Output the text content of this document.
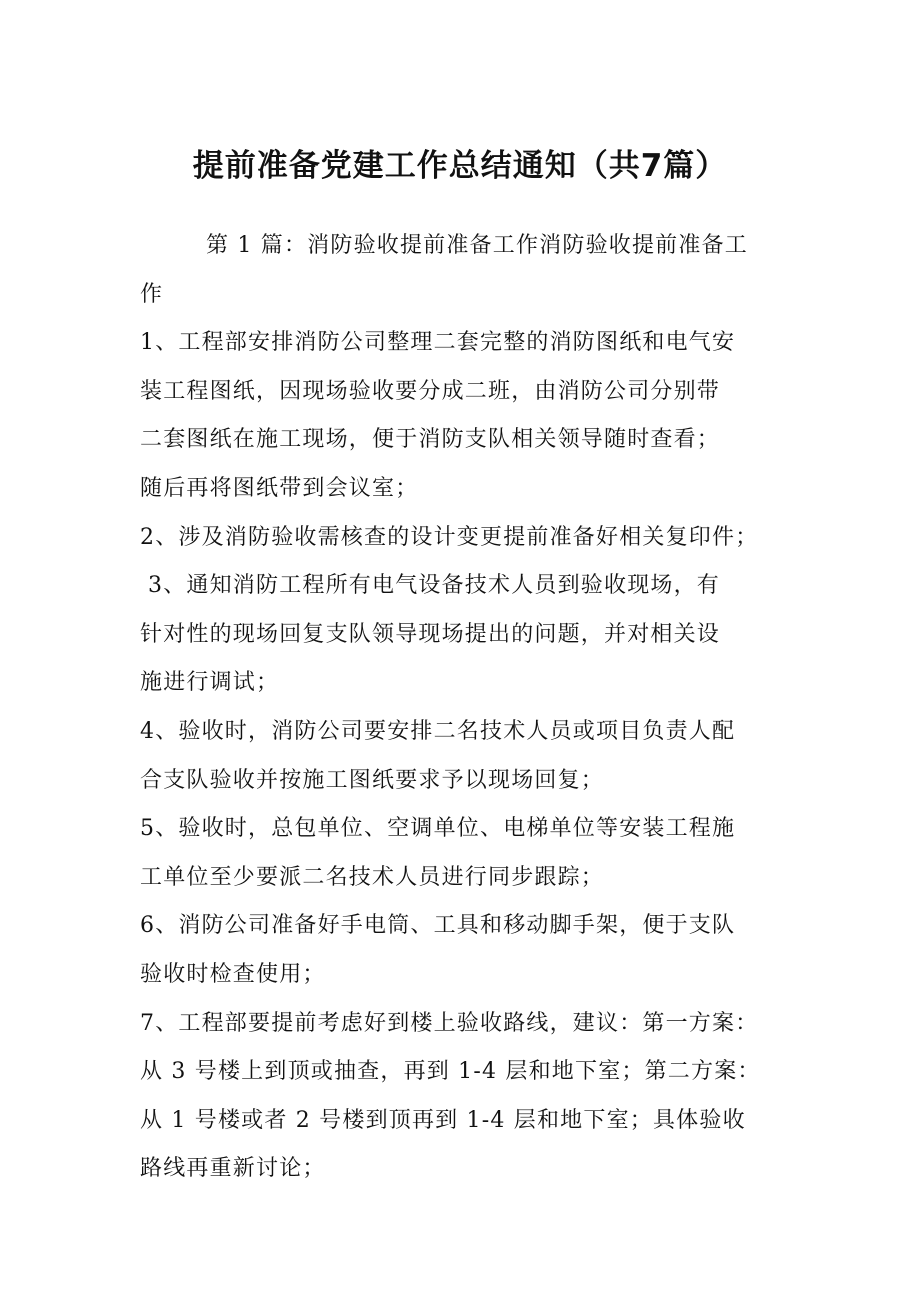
提前准备党建工作总结通知（共7篇）
第 1 篇：消防验收提前准备工作消防验收提前准备工
作
1、工程部安排消防公司整理二套完整的消防图纸和电气安
装工程图纸，因现场验收要分成二班，由消防公司分别带
二套图纸在施工现场，便于消防支队相关领导随时查看；
随后再将图纸带到会议室；
2、涉及消防验收需核查的设计变更提前准备好相关复印件；
3、通知消防工程所有电气设备技术人员到验收现场，有
针对性的现场回复支队领导现场提出的问题，并对相关设
施进行调试；
4、验收时，消防公司要安排二名技术人员或项目负责人配
合支队验收并按施工图纸要求予以现场回复；
5、验收时，总包单位、空调单位、电梯单位等安装工程施
工单位至少要派二名技术人员进行同步跟踪；
6、消防公司准备好手电筒、工具和移动脚手架，便于支队
验收时检查使用；
7、工程部要提前考虑好到楼上验收路线，建议：第一方案：
从 3 号楼上到顶或抽查，再到 1-4 层和地下室；第二方案：
从 1 号楼或者 2 号楼到顶再到 1-4 层和地下室；具体验收
路线再重新讨论；
